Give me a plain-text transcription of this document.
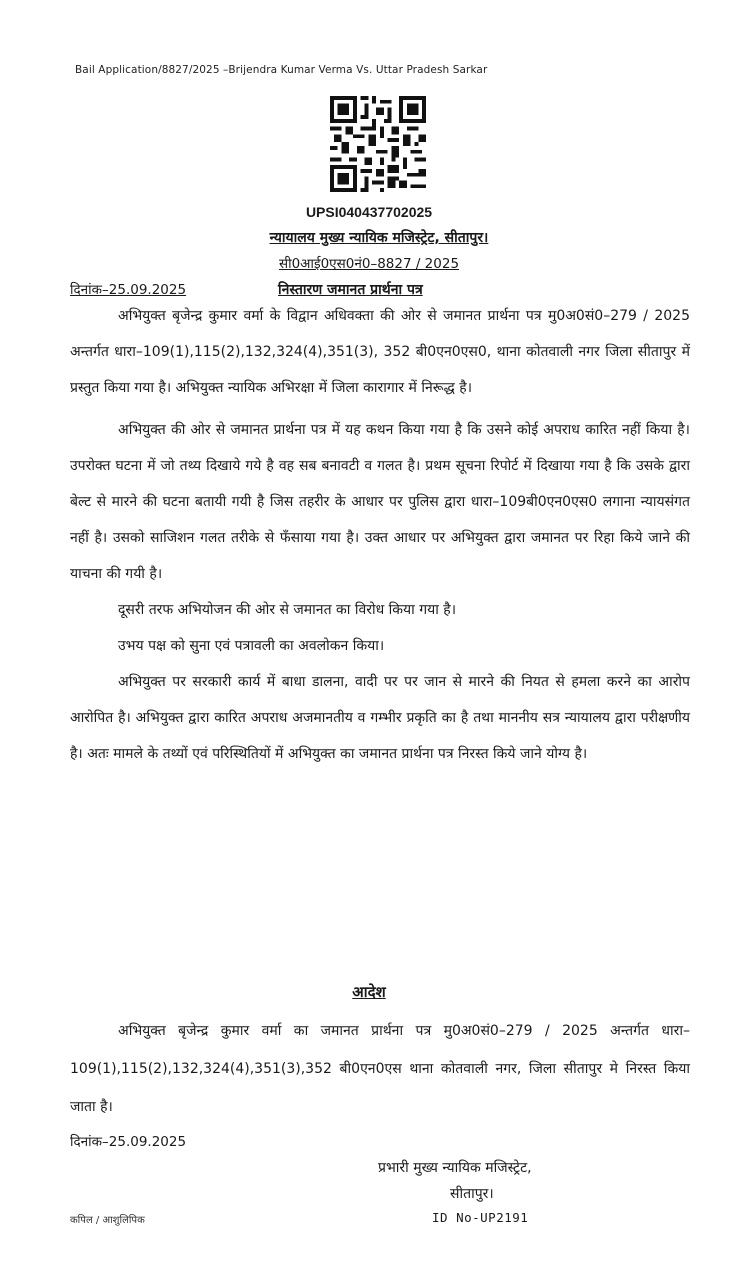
Bail Application/8827/2025 –Brijendra Kumar Verma Vs. Uttar Pradesh Sarkar
UPSI040437702025
न्यायालय मुख्य न्यायिक मजिस्ट्रेट, सीतापुर।
सी0आई0एस0नं0–8827 / 2025
दिनांक–25.09.2025	निस्तारण जमानत प्रार्थना पत्र

अभियुक्त बृजेन्द्र कुमार वर्मा के विद्वान अधिवक्ता की ओर से जमानत प्रार्थना पत्र मु0अ0सं0–279 / 2025 अन्तर्गत धारा–109(1),115(2),132,324(4),351(3), 352 बी0एन0एस0, थाना कोतवाली नगर जिला सीतापुर में प्रस्तुत किया गया है। अभियुक्त न्यायिक अभिरक्षा में जिला कारागार में निरूद्ध है।

अभियुक्त की ओर से जमानत प्रार्थना पत्र में यह कथन किया गया है कि उसने कोई अपराध कारित नहीं किया है। उपरोक्त घटना में जो तथ्य दिखाये गये है वह सब बनावटी व गलत है। प्रथम सूचना रिपोर्ट में दिखाया गया है कि उसके द्वारा बेल्ट से मारने की घटना बतायी गयी है जिस तहरीर के आधार पर पुलिस द्वारा धारा–109बी0एन0एस0 लगाना न्यायसंगत नहीं है। उसको साजिशन गलत तरीके से फँसाया गया है। उक्त आधार पर अभियुक्त द्वारा जमानत पर रिहा किये जाने की याचना की गयी है।

दूसरी तरफ अभियोजन की ओर से जमानत का विरोध किया गया है।

उभय पक्ष को सुना एवं पत्रावली का अवलोकन किया।

अभियुक्त पर सरकारी कार्य में बाधा डालना, वादी पर पर जान से मारने की नियत से हमला करने का आरोप आरोपित है। अभियुक्त द्वारा कारित अपराध अजमानतीय व गम्भीर प्रकृति का है तथा माननीय सत्र न्यायालय द्वारा परीक्षणीय है। अतः मामले के तथ्यों एवं परिस्थितियों में अभियुक्त का जमानत प्रार्थना पत्र निरस्त किये जाने योग्य है।

आदेश

अभियुक्त बृजेन्द्र कुमार वर्मा का जमानत प्रार्थना पत्र मु0अ0सं0–279 / 2025 अन्तर्गत धारा–109(1),115(2),132,324(4),351(3),352 बी0एन0एस थाना कोतवाली नगर, जिला सीतापुर मे निरस्त किया जाता है।

दिनांक–25.09.2025
प्रभारी मुख्य न्यायिक मजिस्ट्रेट,
सीतापुर।
कपिल / आशुलिपिक	ID No-UP2191
